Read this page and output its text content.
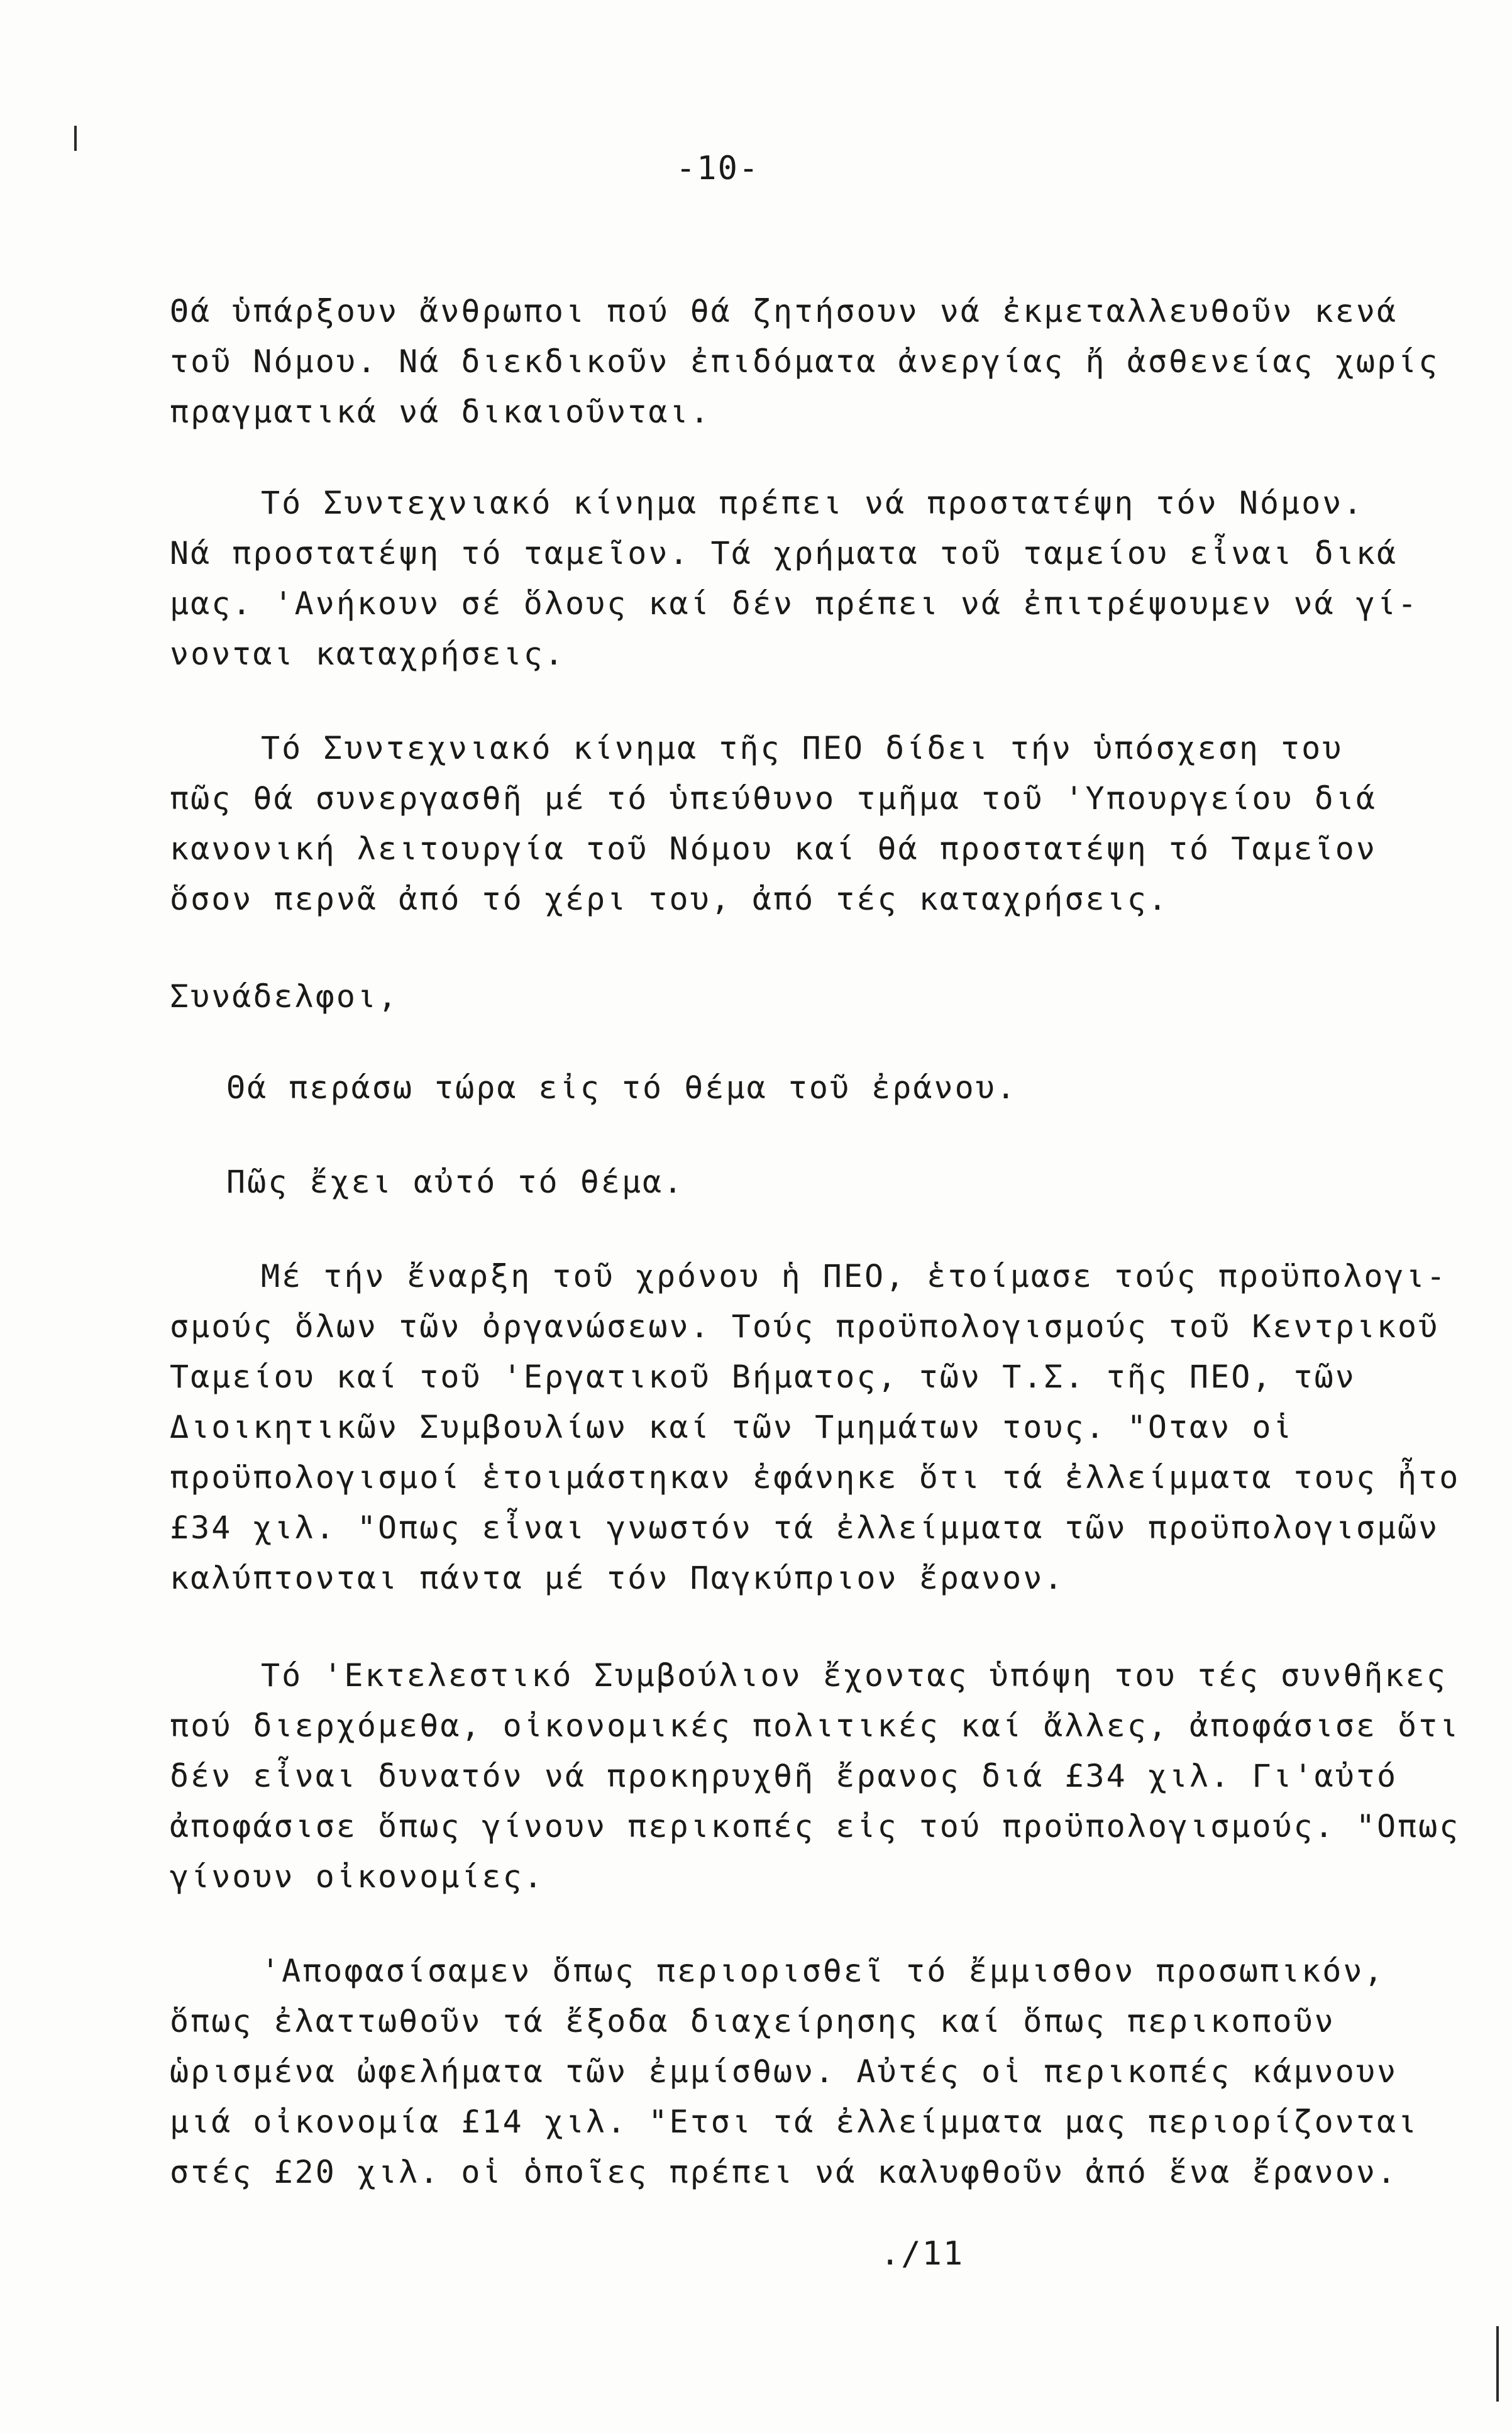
-10-
Θά ὑπάρξουν ἄνθρωποι πού θά ζητήσουν νά ἐκμεταλλευθοῦν κενά
τοῦ Νόμου. Νά διεκδικοῦν ἐπιδόματα ἀνεργίας ἤ ἀσθενείας χωρίς
πραγματικά νά δικαιοῦνται.
Τό Συντεχνιακό κίνημα πρέπει νά προστατέψη τόν Νόμον.
Νά προστατέψη τό ταμεῖον. Τά χρήματα τοῦ ταμείου εἶναι δικά
μας. 'Ανήκουν σέ ὅλους καί δέν πρέπει νά ἐπιτρέψουμεν νά γί-
νονται καταχρήσεις.
Τό Συντεχνιακό κίνημα τῆς ΠΕΟ δίδει τήν ὑπόσχεση του
πῶς θά συνεργασθῆ μέ τό ὑπεύθυνο τμῆμα τοῦ 'Υπουργείου διά
κανονική λειτουργία τοῦ Νόμου καί θά προστατέψη τό Ταμεῖον
ὅσον περνᾶ ἀπό τό χέρι του, ἀπό τές καταχρήσεις.
Συνάδελφοι,
Θά περάσω τώρα εἰς τό θέμα τοῦ ἐράνου.
Πῶς ἔχει αὐτό τό θέμα.
Μέ τήν ἔναρξη τοῦ χρόνου ἡ ΠΕΟ, ἑτοίμασε τούς προϋπολογι-
σμούς ὅλων τῶν ὀργανώσεων. Τούς προϋπολογισμούς τοῦ Κεντρικοῦ
Ταμείου καί τοῦ 'Εργατικοῦ Βήματος, τῶν Τ.Σ. τῆς ΠΕΟ, τῶν
Διοικητικῶν Συμβουλίων καί τῶν Τμημάτων τους. "Οταν οἱ
προϋπολογισμοί ἑτοιμάστηκαν ἐφάνηκε ὅτι τά ἐλλείμματα τους ἦτο
£34 χιλ. "Οπως εἶναι γνωστόν τά ἐλλείμματα τῶν προϋπολογισμῶν
καλύπτονται πάντα μέ τόν Παγκύπριον ἔρανον.
Τό 'Εκτελεστικό Συμβούλιον ἔχοντας ὑπόψη του τές συνθῆκες
πού διερχόμεθα, οἰκονομικές πολιτικές καί ἄλλες, ἀποφάσισε ὅτι
δέν εἶναι δυνατόν νά προκηρυχθῆ ἔρανος διά £34 χιλ. Γι'αὐτό
ἀποφάσισε ὅπως γίνουν περικοπές εἰς τού προϋπολογισμούς. "Οπως
γίνουν οἰκονομίες.
'Αποφασίσαμεν ὅπως περιορισθεῖ τό ἔμμισθον προσωπικόν,
ὅπως ἐλαττωθοῦν τά ἔξοδα διαχείρησης καί ὅπως περικοποῦν
ὡρισμένα ὠφελήματα τῶν ἐμμίσθων. Αὐτές οἱ περικοπές κάμνουν
μιά οἰκονομία £14 χιλ. "Ετσι τά ἐλλείμματα μας περιορίζονται
στές £20 χιλ. οἱ ὁποῖες πρέπει νά καλυφθοῦν ἀπό ἕνα ἔρανον.
./11
